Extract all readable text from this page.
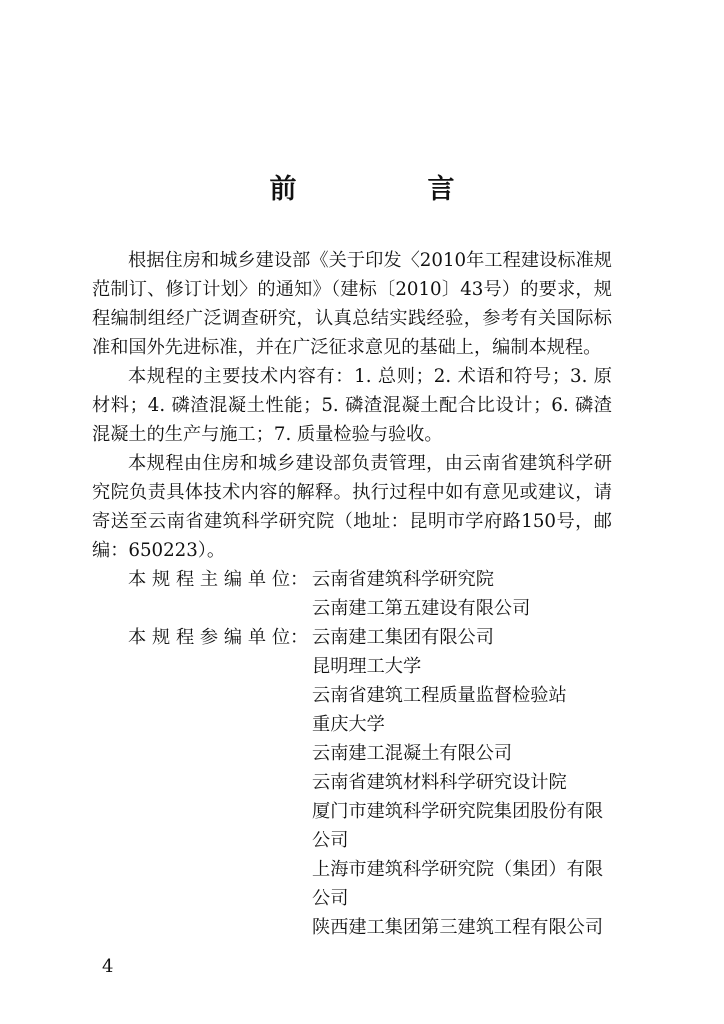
前　言

根据住房和城乡建设部《关于印发〈2010年工程建设标准规范制订、修订计划〉的通知》（建标〔2010〕43号）的要求，规程编制组经广泛调查研究，认真总结实践经验，参考有关国际标准和国外先进标准，并在广泛征求意见的基础上，编制本规程。

本规程的主要技术内容有：1. 总则；2. 术语和符号；3. 原材料；4. 磷渣混凝土性能；5. 磷渣混凝土配合比设计；6. 磷渣混凝土的生产与施工；7. 质量检验与验收。

本规程由住房和城乡建设部负责管理，由云南省建筑科学研究院负责具体技术内容的解释。执行过程中如有意见或建议，请寄送至云南省建筑科学研究院（地址：昆明市学府路150号，邮编：650223）。

本 规 程 主 编 单 位： 云南省建筑科学研究院

云南建工第五建设有限公司

本 规 程 参 编 单 位： 云南建工集团有限公司

昆明理工大学

云南省建筑工程质量监督检验站

重庆大学

云南建工混凝土有限公司

云南省建筑材料科学研究设计院

厦门市建筑科学研究院集团股份有限公司

上海市建筑科学研究院（集团）有限公司

陕西建工集团第三建筑工程有限公司

4
